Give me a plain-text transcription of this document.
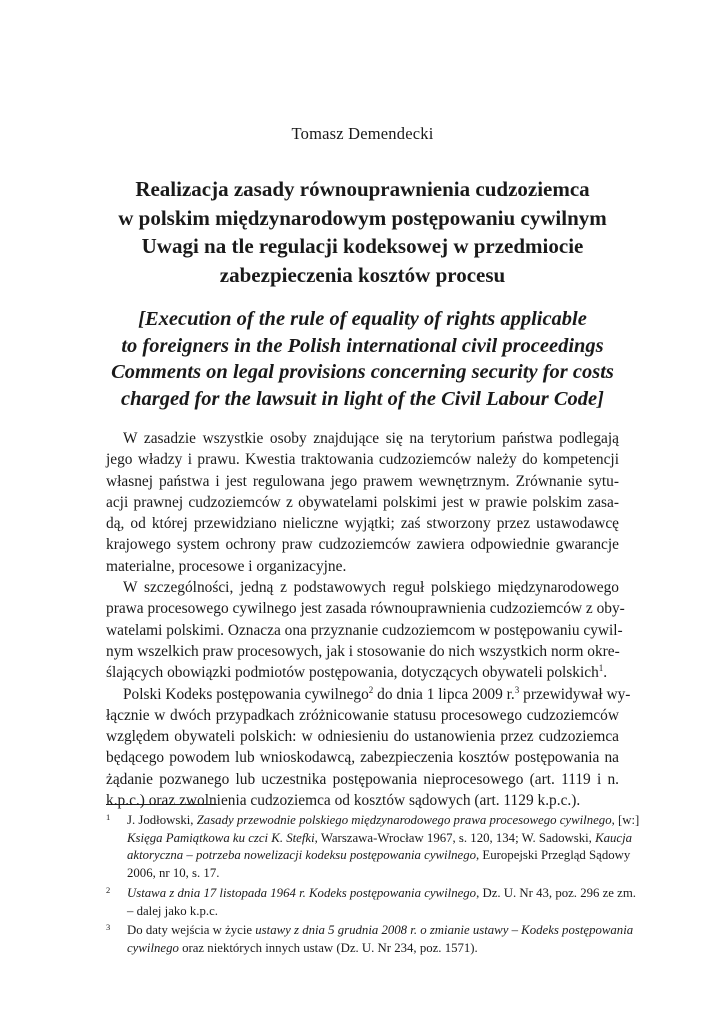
Tomasz Demendecki
Realizacja zasady równouprawnienia cudzoziemca
w polskim międzynarodowym postępowaniu cywilnym
Uwagi na tle regulacji kodeksowej w przedmiocie
zabezpieczenia kosztów procesu
[Execution of the rule of equality of rights applicable
to foreigners in the Polish international civil proceedings
Comments on legal provisions concerning security for costs
charged for the lawsuit in light of the Civil Labour Code]
W zasadzie wszystkie osoby znajdujące się na terytorium państwa podlegają
jego władzy i prawu. Kwestia traktowania cudzoziemców należy do kompetencji
własnej państwa i jest regulowana jego prawem wewnętrznym. Zrównanie sytu-
acji prawnej cudzoziemców z obywatelami polskimi jest w prawie polskim zasa-
dą, od której przewidziano nieliczne wyjątki; zaś stworzony przez ustawodawcę
krajowego system ochrony praw cudzoziemców zawiera odpowiednie gwarancje
materialne, procesowe i organizacyjne.
W szczególności, jedną z podstawowych reguł polskiego międzynarodowego
prawa procesowego cywilnego jest zasada równouprawnienia cudzoziemców z oby-
watelami polskimi. Oznacza ona przyznanie cudzoziemcom w postępowaniu cywil-
nym wszelkich praw procesowych, jak i stosowanie do nich wszystkich norm okre-
ślających obowiązki podmiotów postępowania, dotyczących obywateli polskich$^1$.
Polski Kodeks postępowania cywilnego$^2$ do dnia 1 lipca 2009 r.$^3$ przewidywał wy-
łącznie w dwóch przypadkach zróżnicowanie statusu procesowego cudzoziemców
względem obywateli polskich: w odniesieniu do ustanowienia przez cudzoziemca
będącego powodem lub wnioskodawcą, zabezpieczenia kosztów postępowania na
żądanie pozwanego lub uczestnika postępowania nieprocesowego (art. 1119 i n.
k.p.c.) oraz zwolnienia cudzoziemca od kosztów sądowych (art. 1129 k.p.c.).
1 J. Jodłowski, Zasady przewodnie polskiego międzynarodowego prawa procesowego cywilnego, [w:]
Księga Pamiątkowa ku czci K. Stefki, Warszawa-Wrocław 1967, s. 120, 134; W. Sadowski, Kaucja
aktoryczna – potrzeba nowelizacji kodeksu postępowania cywilnego, Europejski Przegląd Sądowy
2006, nr 10, s. 17.
2 Ustawa z dnia 17 listopada 1964 r. Kodeks postępowania cywilnego, Dz. U. Nr 43, poz. 296 ze zm.
– dalej jako k.p.c.
3 Do daty wejścia w życie ustawy z dnia 5 grudnia 2008 r. o zmianie ustawy – Kodeks postępowania
cywilnego oraz niektórych innych ustaw (Dz. U. Nr 234, poz. 1571).
